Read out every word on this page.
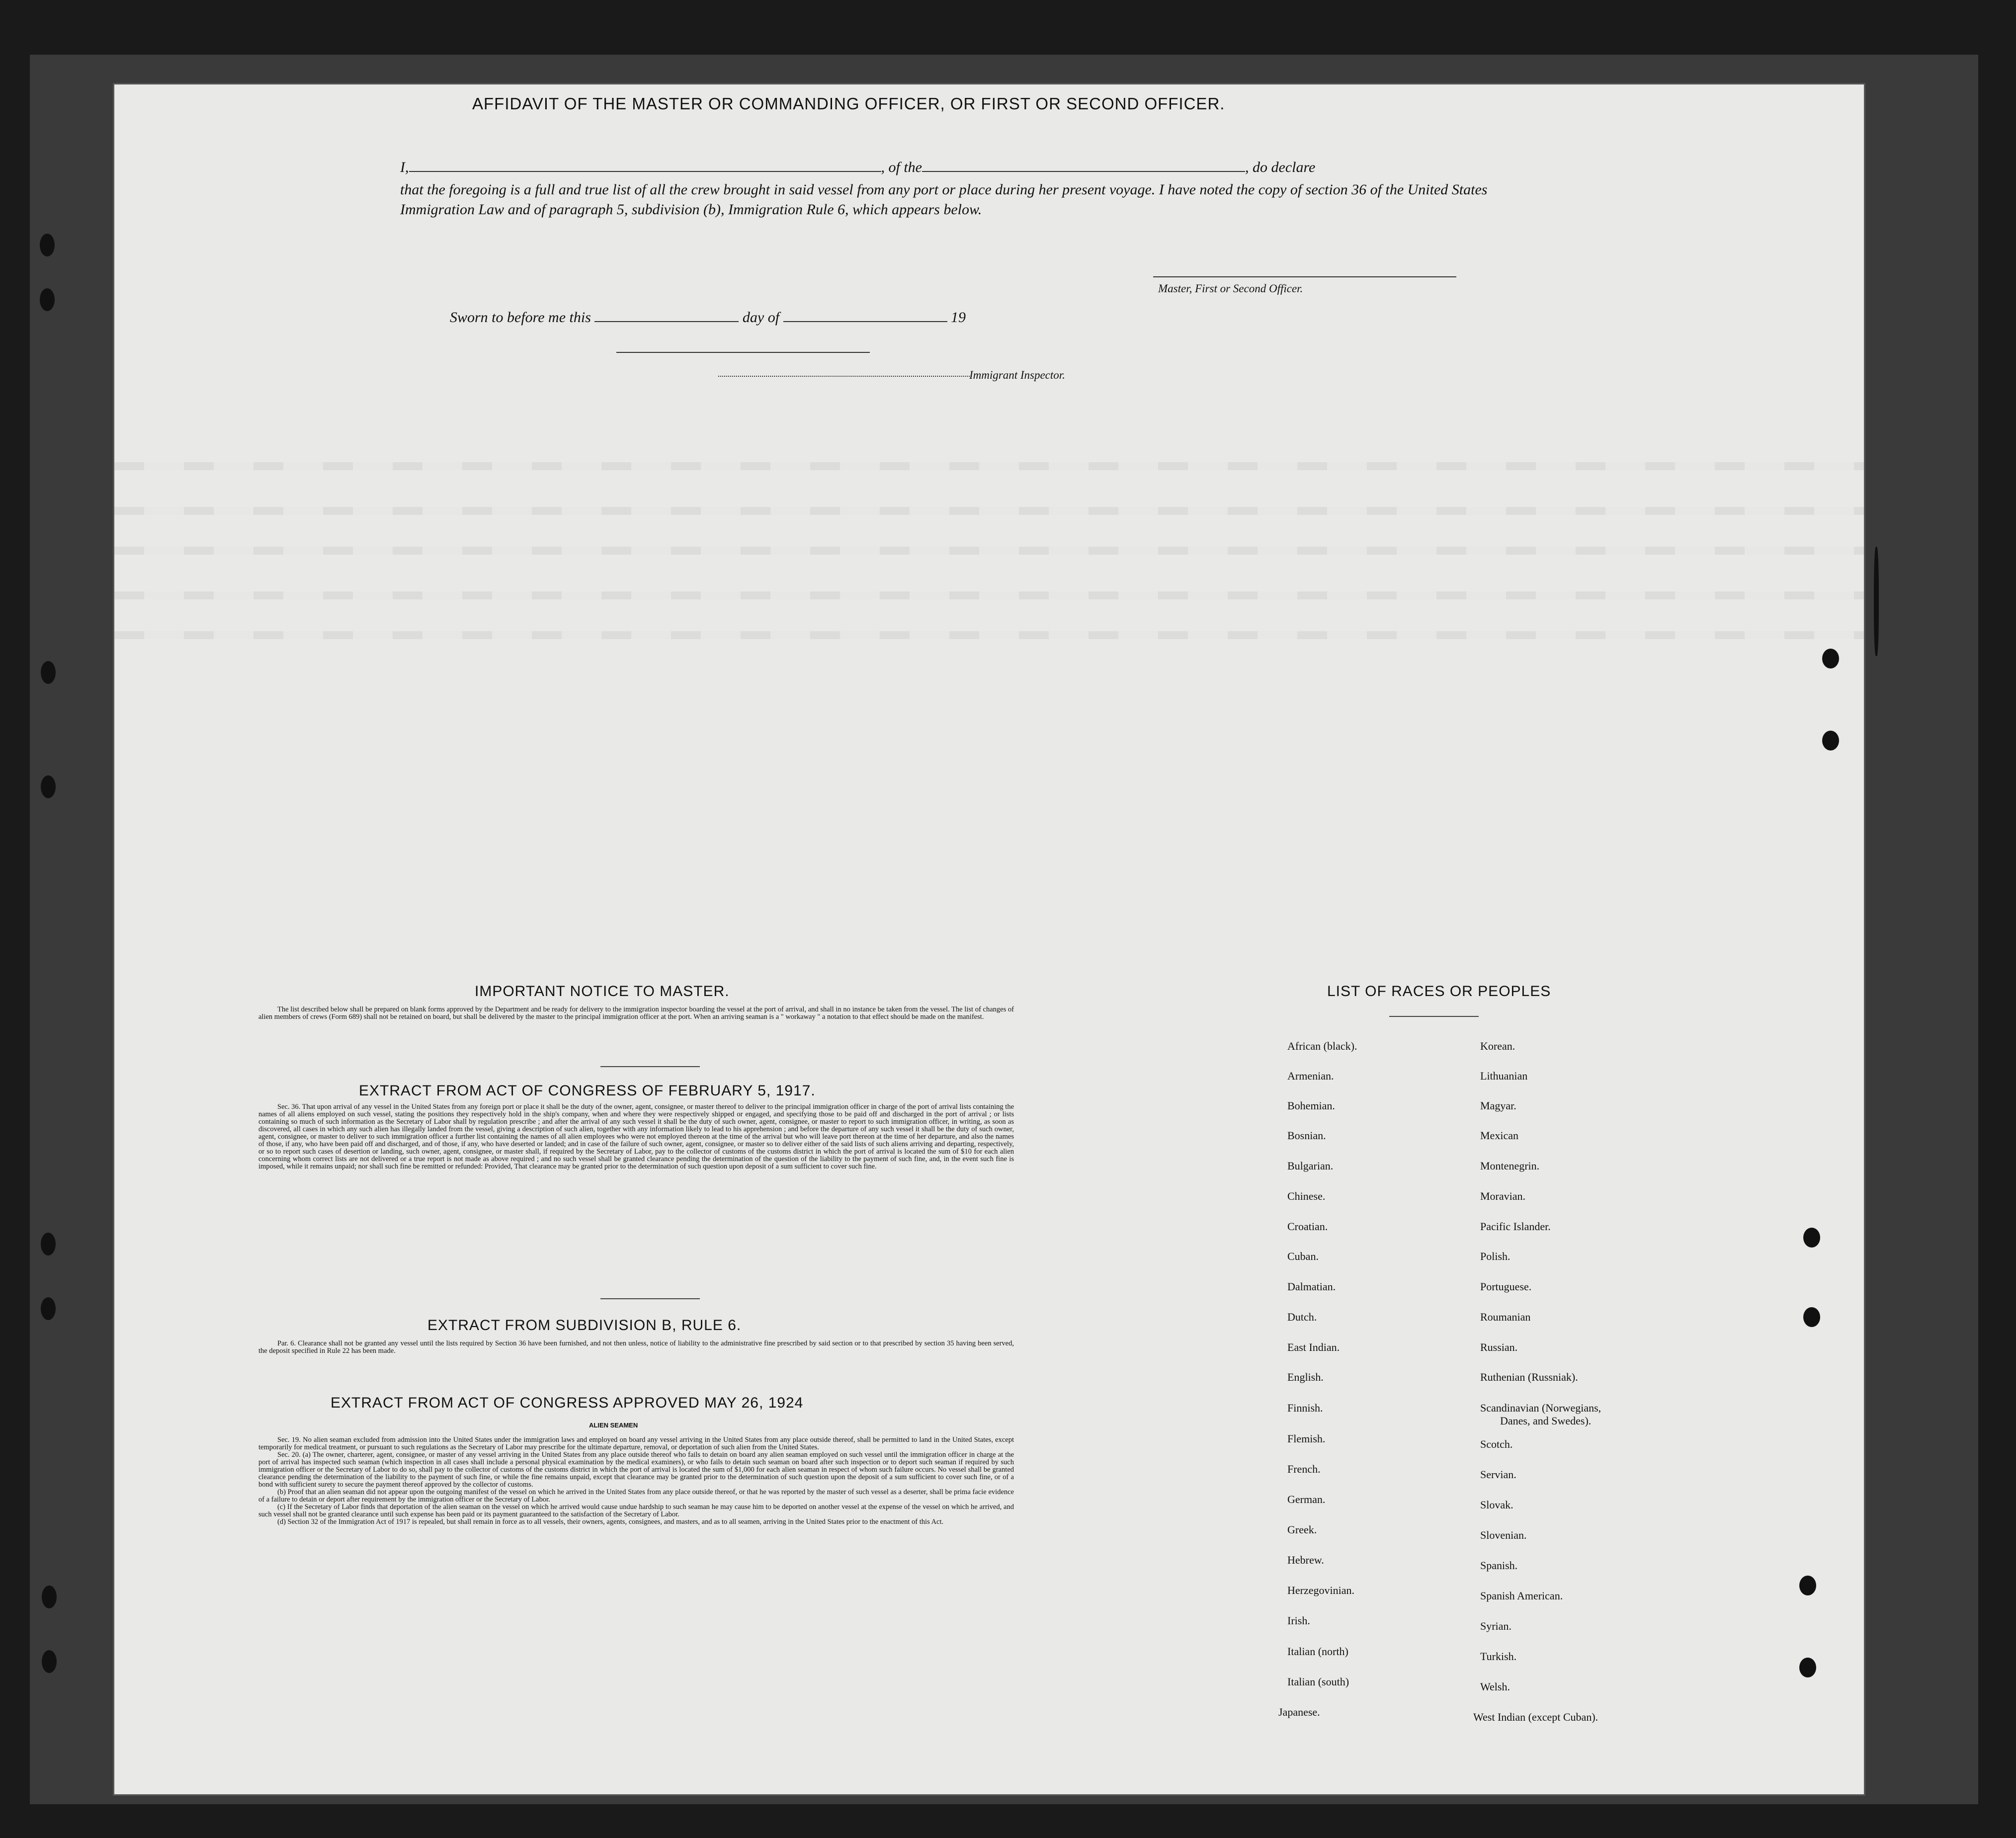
AFFIDAVIT OF THE MASTER OR COMMANDING OFFICER, OR FIRST OR SECOND OFFICER.
I,	, of the	, do declare
that the foregoing is a full and true list of all the crew brought in said vessel from any port or place during her present voyage. I have noted the copy of section 36 of the United States Immigration Law and of paragraph 5, subdivision (b), Immigration Rule 6, which appears below.
Master, First or Second Officer.
Sworn to before me this	day of	19
Immigrant Inspector.
IMPORTANT NOTICE TO MASTER.

The list described below shall be prepared on blank forms approved by the Department and be ready for delivery to the immigration inspector boarding the vessel at the port of arrival, and shall in no instance be taken from the vessel. The list of changes of alien members of crews (Form 689) shall not be retained on board, but shall be delivered by the master to the principal immigration officer at the port. When an arriving seaman is a " workaway " a notation to that effect should be made on the manifest.

EXTRACT FROM ACT OF CONGRESS OF FEBRUARY 5, 1917.

Sec. 36. That upon arrival of any vessel in the United States from any foreign port or place it shall be the duty of the owner, agent, consignee, or master thereof to deliver to the principal immigration officer in charge of the port of arrival lists containing the names of all aliens employed on such vessel, stating the positions they respectively hold in the ship's company, when and where they were respectively shipped or engaged, and specifying those to be paid off and discharged in the port of arrival ; or lists containing so much of such information as the Secretary of Labor shall by regulation prescribe ; and after the arrival of any such vessel it shall be the duty of such owner, agent, consignee, or master to report to such immigration officer, in writing, as soon as discovered, all cases in which any such alien has illegally landed from the vessel, giving a description of such alien, together with any information likely to lead to his apprehension ; and before the departure of any such vessel it shall be the duty of such owner, agent, consignee, or master to deliver to such immigration officer a further list containing the names of all alien employees who were not employed thereon at the time of the arrival but who will leave port thereon at the time of her departure, and also the names of those, if any, who have been paid off and discharged, and of those, if any, who have deserted or landed; and in case of the failure of such owner, agent, consignee, or master so to deliver either of the said lists of such aliens arriving and departing, respectively, or so to report such cases of desertion or landing, such owner, agent, consignee, or master shall, if required by the Secretary of Labor, pay to the collector of customs of the customs district in which the port of arrival is located the sum of $10 for each alien concerning whom correct lists are not delivered or a true report is not made as above required ; and no such vessel shall be granted clearance pending the determination of the question of the liability to the payment of such fine, and, in the event such fine is imposed, while it remains unpaid; nor shall such fine be remitted or refunded: Provided, That clearance may be granted prior to the determination of such question upon deposit of a sum sufficient to cover such fine.

EXTRACT FROM SUBDIVISION B, RULE 6.

Par. 6. Clearance shall not be granted any vessel until the lists required by Section 36 have been furnished, and not then unless, notice of liability to the administrative fine prescribed by said section or to that prescribed by section 35 having been served, the deposit specified in Rule 22 has been made.

EXTRACT FROM ACT OF CONGRESS APPROVED MAY 26, 1924
ALIEN SEAMEN

Sec. 19. No alien seaman excluded from admission into the United States under the immigration laws and employed on board any vessel arriving in the United States from any place outside thereof, shall be permitted to land in the United States, except temporarily for medical treatment, or pursuant to such regulations as the Secretary of Labor may prescribe for the ultimate departure, removal, or deportation of such alien from the United States.

Sec. 20. (a) The owner, charterer, agent, consignee, or master of any vessel arriving in the United States from any place outside thereof who fails to detain on board any alien seaman employed on such vessel until the immigration officer in charge at the port of arrival has inspected such seaman (which inspection in all cases shall include a personal physical examination by the medical examiners), or who fails to detain such seaman on board after such inspection or to deport such seaman if required by such immigration officer or the Secretary of Labor to do so, shall pay to the collector of customs of the customs district in which the port of arrival is located the sum of $1,000 for each alien seaman in respect of whom such failure occurs. No vessel shall be granted clearance pending the determination of the liability to the payment of such fine, or while the fine remains unpaid, except that clearance may be granted prior to the determination of such question upon the deposit of a sum sufficient to cover such fine, or of a bond with sufficient surety to secure the payment thereof approved by the collector of customs.

(b) Proof that an alien seaman did not appear upon the outgoing manifest of the vessel on which he arrived in the United States from any place outside thereof, or that he was reported by the master of such vessel as a deserter, shall be prima facie evidence of a failure to detain or deport after requirement by the immigration officer or the Secretary of Labor.

(c) If the Secretary of Labor finds that deportation of the alien seaman on the vessel on which he arrived would cause undue hardship to such seaman he may cause him to be deported on another vessel at the expense of the vessel on which he arrived, and such vessel shall not be granted clearance until such expense has been paid or its payment guaranteed to the satisfaction of the Secretary of Labor.

(d) Section 32 of the Immigration Act of 1917 is repealed, but shall remain in force as to all vessels, their owners, agents, consignees, and masters, and as to all seamen, arriving in the United States prior to the enactment of this Act.

LIST OF RACES OR PEOPLES
African (black).
Armenian.
Bohemian.
Bosnian.
Bulgarian.
Chinese.
Croatian.
Cuban.
Dalmatian.
Dutch.
East Indian.
English.
Finnish.
Flemish.
French.
German.
Greek.
Hebrew.
Herzegovinian.
Irish.
Italian (north)
Italian (south)
Japanese.
Korean.
Lithuanian
Magyar.
Mexican
Montenegrin.
Moravian.
Pacific Islander.
Polish.
Portuguese.
Roumanian
Russian.
Ruthenian (Russniak).
Scandinavian (Norwegians,
Danes, and Swedes).
Scotch.
Servian.
Slovak.
Slovenian.
Spanish.
Spanish American.
Syrian.
Turkish.
Welsh.
West Indian (except Cuban).
